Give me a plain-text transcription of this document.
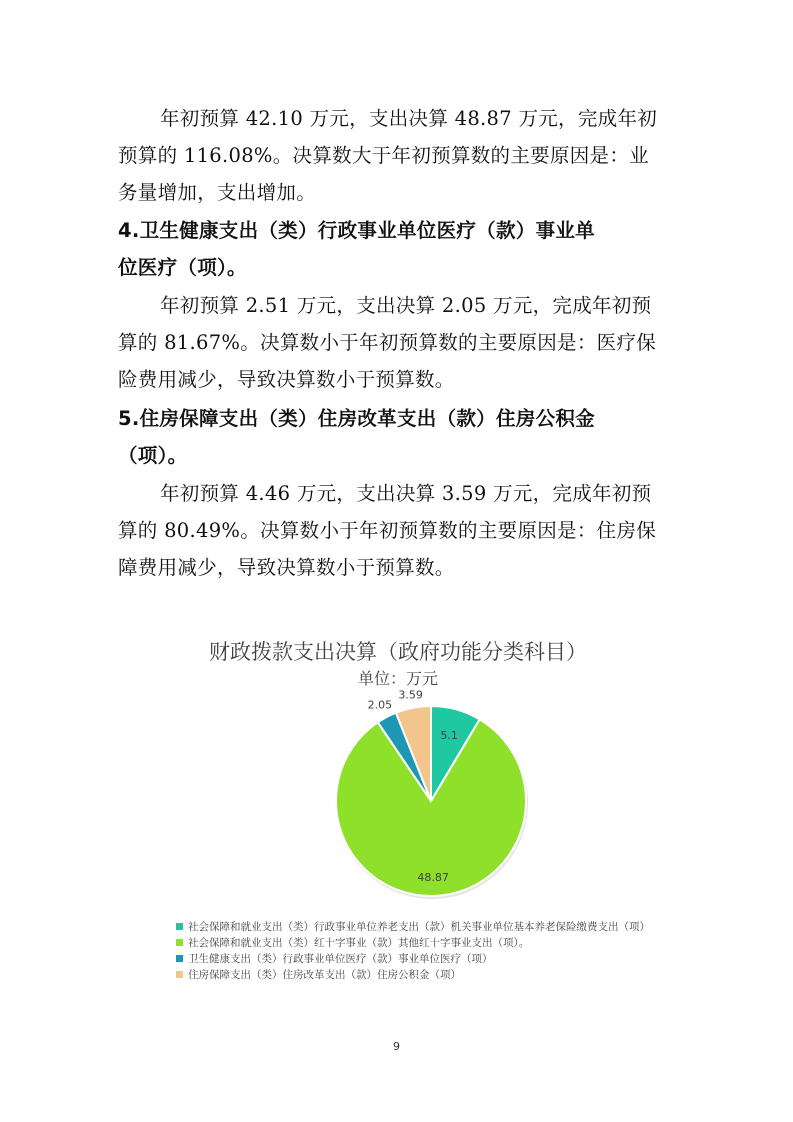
年初预算 42.10 万元，支出决算 48.87 万元，完成年初
预算的 116.08%。决算数大于年初预算数的主要原因是：业
务量增加，支出增加。
4.卫生健康支出（类）行政事业单位医疗（款）事业单
位医疗（项）。
年初预算 2.51 万元，支出决算 2.05 万元，完成年初预
算的 81.67%。决算数小于年初预算数的主要原因是：医疗保
险费用减少，导致决算数小于预算数。
5.住房保障支出（类）住房改革支出（款）住房公积金
（项）。
年初预算 4.46 万元，支出决算 3.59 万元，完成年初预
算的 80.49%。决算数小于年初预算数的主要原因是：住房保
障费用减少，导致决算数小于预算数。
财政拨款支出决算（政府功能分类科目）
单位：万元
5.1
48.87
2.05
3.59
社会保障和就业支出（类）行政事业单位养老支出（款）机关事业单位基本养老保险缴费支出（项）
社会保障和就业支出（类）红十字事业（款）其他红十字事业支出（项）。
卫生健康支出（类）行政事业单位医疗（款）事业单位医疗（项）
住房保障支出（类）住房改革支出（款）住房公积金（项）
9
